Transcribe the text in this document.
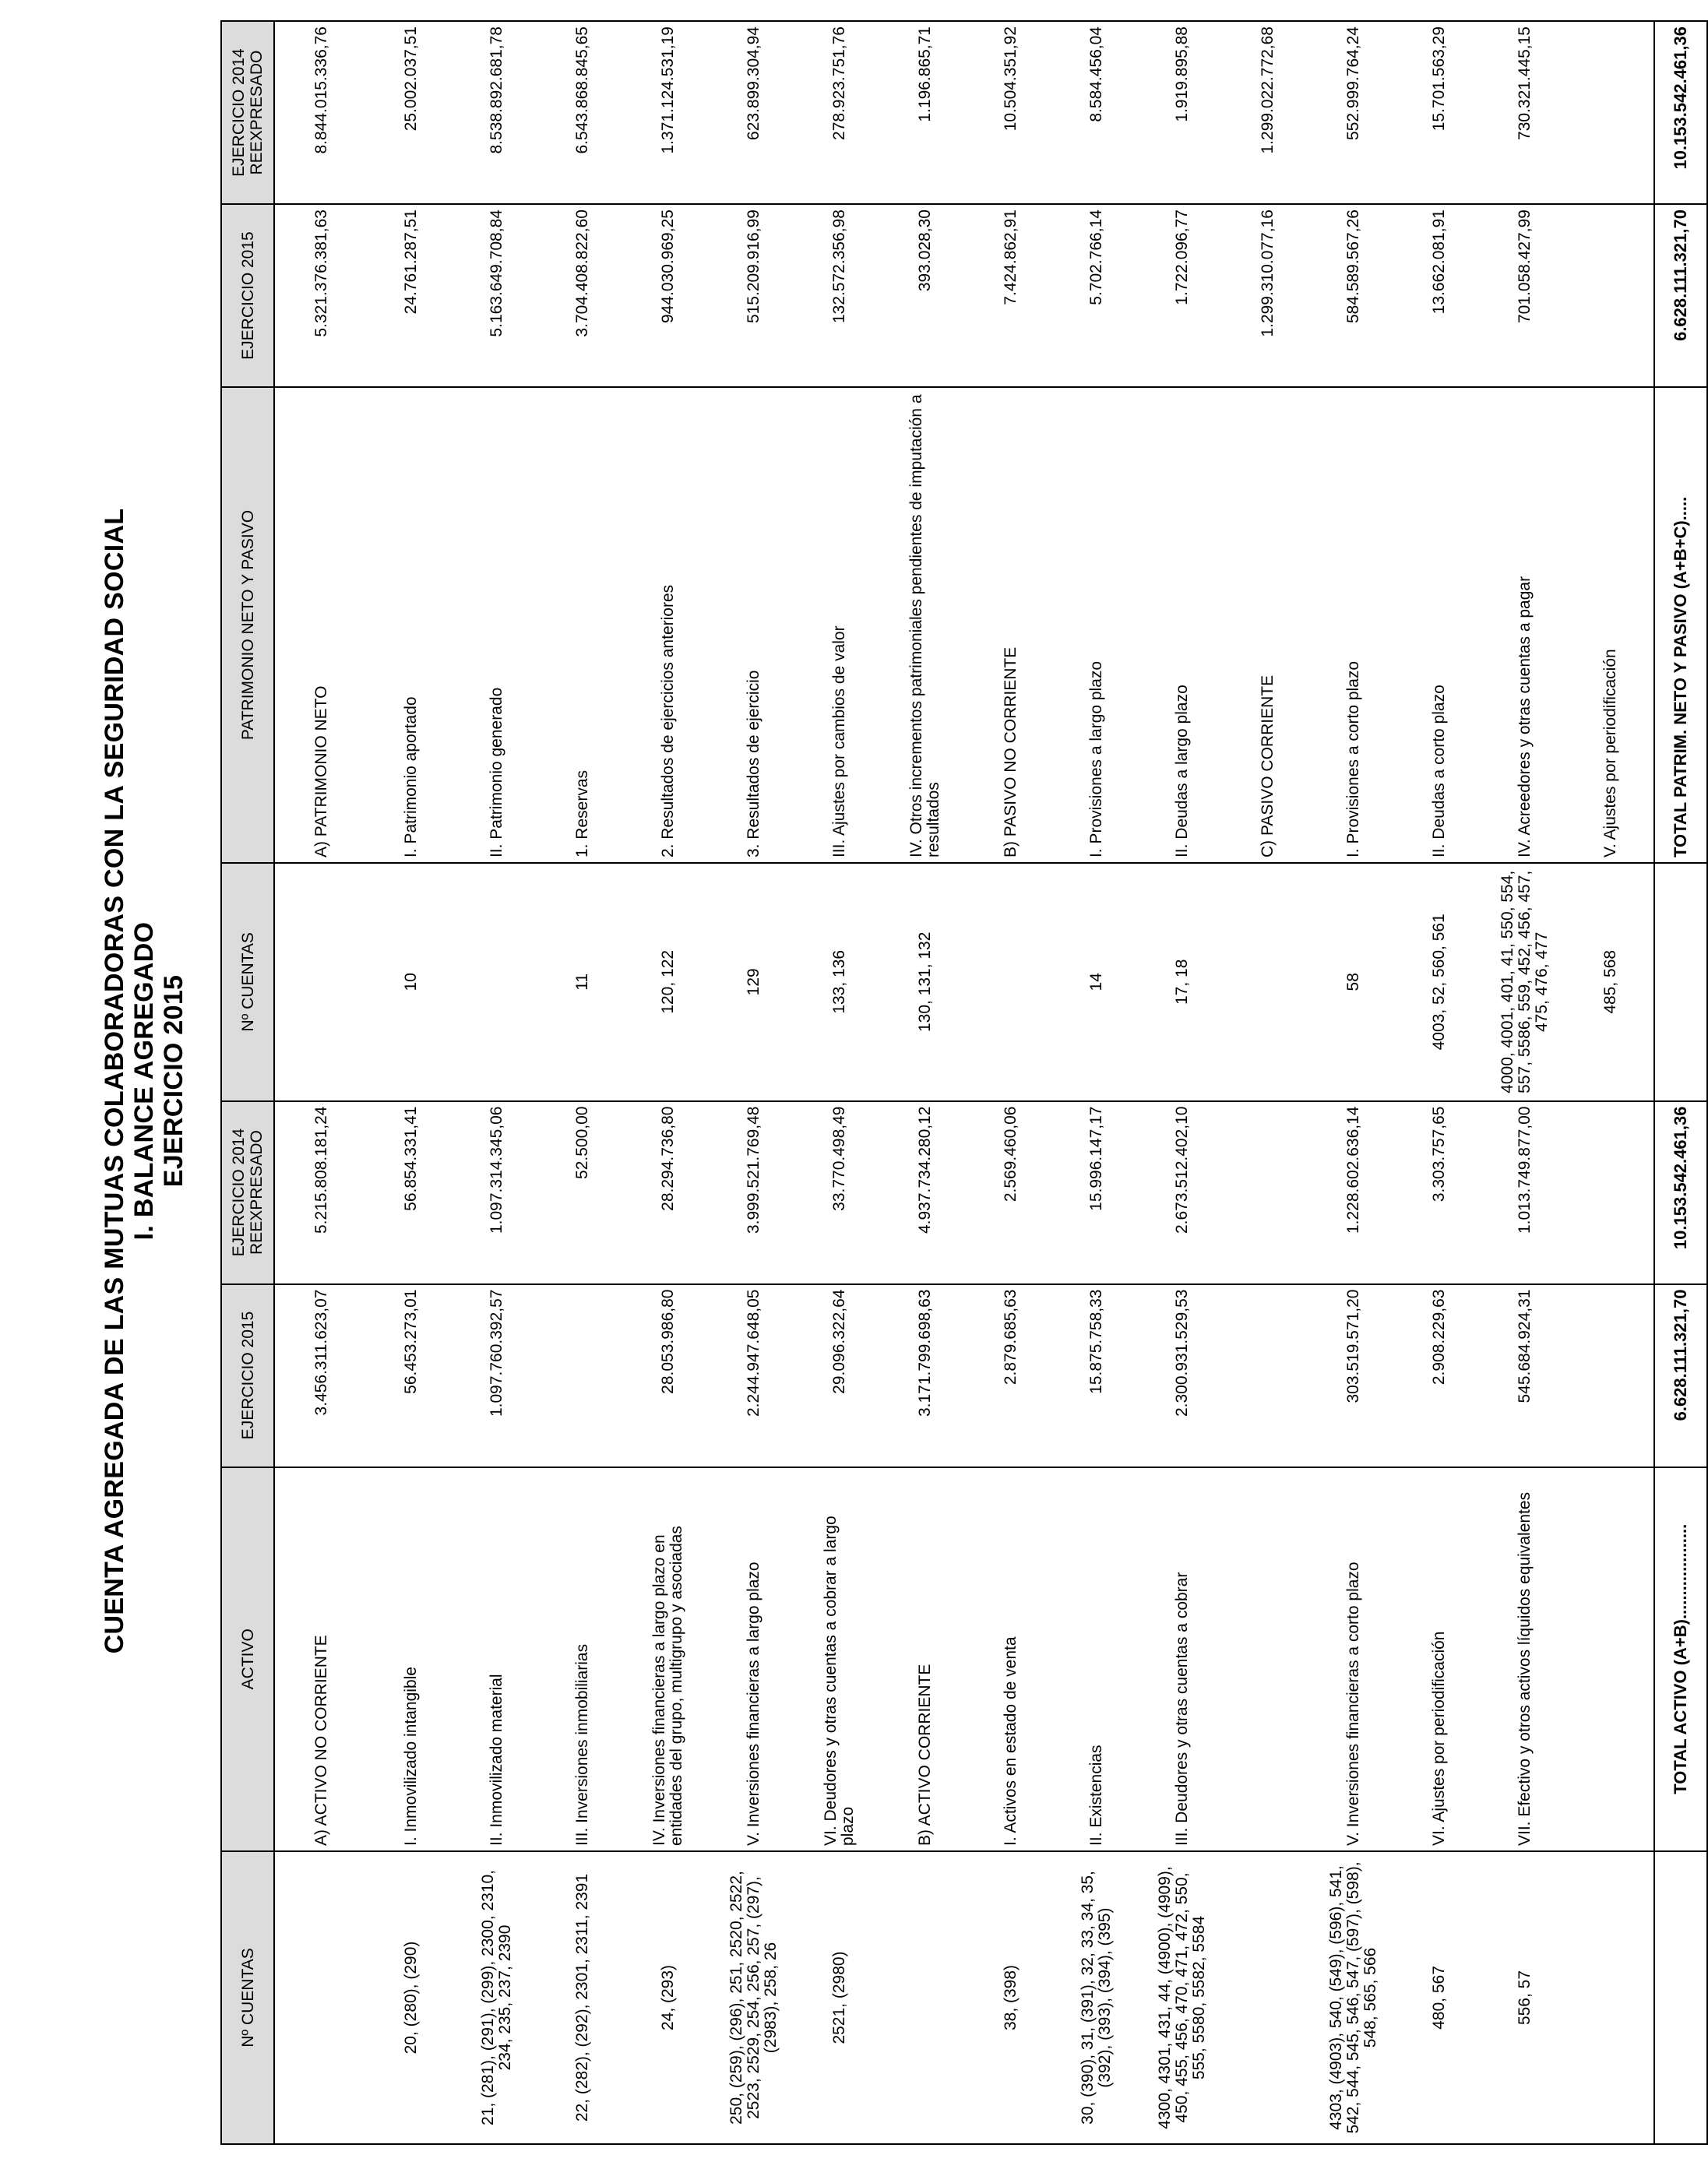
CUENTA AGREGADA DE LAS MUTUAS COLABORADORAS CON LA SEGURIDAD SOCIAL I. BALANCE AGREGADO EJERCICIO 2015
Nº CUENTAS	ACTIVO	EJERCICIO 2015	EJERCICIO 2014 REEXPRESADO	Nº CUENTAS	PATRIMONIO NETO Y PASIVO	EJERCICIO 2015	EJERCICIO 2014 REEXPRESADO
	A) ACTIVO NO CORRIENTE	3.456.311.623,07	5.215.808.181,24		A) PATRIMONIO NETO	5.321.376.381,63	8.844.015.336,76
20, (280), (290)	I. Inmovilizado intangible	56.453.273,01	56.854.331,41	10	I. Patrimonio aportado	24.761.287,51	25.002.037,51
21, (281), (291), (299), 2300, 2310, 234, 235, 237, 2390	II. Inmovilizado material	1.097.760.392,57	1.097.314.345,06		II. Patrimonio generado	5.163.649.708,84	8.538.892.681,78
22, (282), (292), 2301, 2311, 2391	III. Inversiones inmobiliarias		52.500,00	11	1. Reservas	3.704.408.822,60	6.543.868.845,65
24, (293)	IV. Inversiones financieras a largo plazo en entidades del grupo, multigrupo y asociadas	28.053.986,80	28.294.736,80	120, 122	2. Resultados de ejercicios anteriores	944.030.969,25	1.371.124.531,19
250, (259), (296), 251, 2520, 2522, 2523, 2529, 254, 256, 257, (297), (2983), 258, 26	V. Inversiones financieras a largo plazo	2.244.947.648,05	3.999.521.769,48	129	3. Resultados de ejercicio	515.209.916,99	623.899.304,94
2521, (2980)	VI. Deudores y otras cuentas a cobrar a largo plazo	29.096.322,64	33.770.498,49	133, 136	III. Ajustes por cambios de valor	132.572.356,98	278.923.751,76
	B) ACTIVO CORRIENTE	3.171.799.698,63	4.937.734.280,12	130, 131, 132	IV. Otros incrementos patrimoniales pendientes de imputación a resultados	393.028,30	1.196.865,71
38, (398)	I. Activos en estado de venta	2.879.685,63	2.569.460,06		B) PASIVO NO CORRIENTE	7.424.862,91	10.504.351,92
30, (390), 31, (391), 32, 33, 34, 35, (392), (393), (394), (395)	II. Existencias	15.875.758,33	15.996.147,17	14	I. Provisiones a largo plazo	5.702.766,14	8.584.456,04
4300, 4301, 431, 44, (4900), (4909), 450, 455, 456, 470, 471, 472, 550, 555, 5580, 5582, 5584	III. Deudores y otras cuentas a cobrar	2.300.931.529,53	2.673.512.402,10	17, 18	II. Deudas a largo plazo	1.722.096,77	1.919.895,88
					C) PASIVO CORRIENTE	1.299.310.077,16	1.299.022.772,68
4303, (4903), 540, (549), (596), 541, 542, 544, 545, 546, 547, (597), (598), 548, 565, 566	V. Inversiones financieras a corto plazo	303.519.571,20	1.228.602.636,14	58	I. Provisiones a corto plazo	584.589.567,26	552.999.764,24
480, 567	VI. Ajustes por periodificación	2.908.229,63	3.303.757,65	4003, 52, 560, 561	II. Deudas a corto plazo	13.662.081,91	15.701.563,29
556, 57	VII. Efectivo y otros activos líquidos equivalentes	545.684.924,31	1.013.749.877,00	4000, 4001, 401, 41, 550, 554, 557, 5586, 559, 452, 456, 457, 475, 476, 477	IV. Acreedores y otras cuentas a pagar	701.058.427,99	730.321.445,15
				485, 568	V. Ajustes por periodificación		
	TOTAL ACTIVO (A+B)....................	6.628.111.321,70	10.153.542.461,36		TOTAL PATRIM. NETO Y PASIVO (A+B+C).....	6.628.111.321,70	10.153.542.461,36
